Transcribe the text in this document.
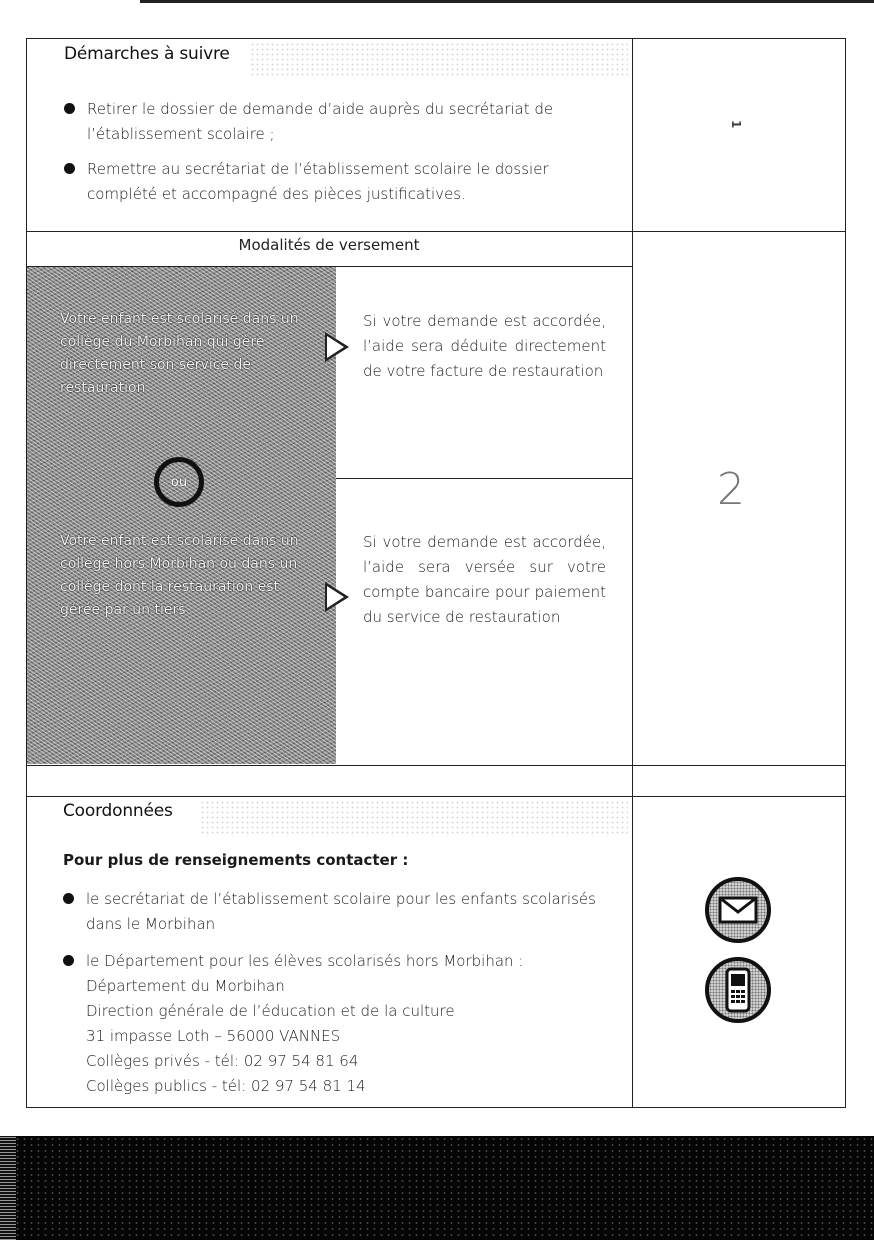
Démarches à suivre
Retirer le dossier de demande d’aide auprès du secrétariat de l’établissement scolaire ;
Remettre au secrétariat de l’établissement scolaire le dossier complété et accompagné des pièces justificatives.
1
Modalités de versement
Votre enfant est scolarisé dans un collège du Morbihan qui gère directement son service de restauration
ou
Votre enfant est scolarisé dans un collège hors Morbihan ou dans un collège dont la restauration est gérée par un tiers
Si votre demande est accordée, l’aide sera déduite directement de votre facture de restauration
Si votre demande est accordée, l’aide sera versée sur votre compte bancaire pour paiement du service de restauration
2
Coordonnées
Pour plus de renseignements contacter :
le secrétariat de l’établissement scolaire pour les enfants scolarisés dans le Morbihan
le Département pour les élèves scolarisés hors Morbihan :
Département du Morbihan
Direction générale de l’éducation et de la culture
31 impasse Loth – 56000 VANNES
Collèges privés - tél: 02 97 54 81 64
Collèges publics - tél: 02 97 54 81 14
